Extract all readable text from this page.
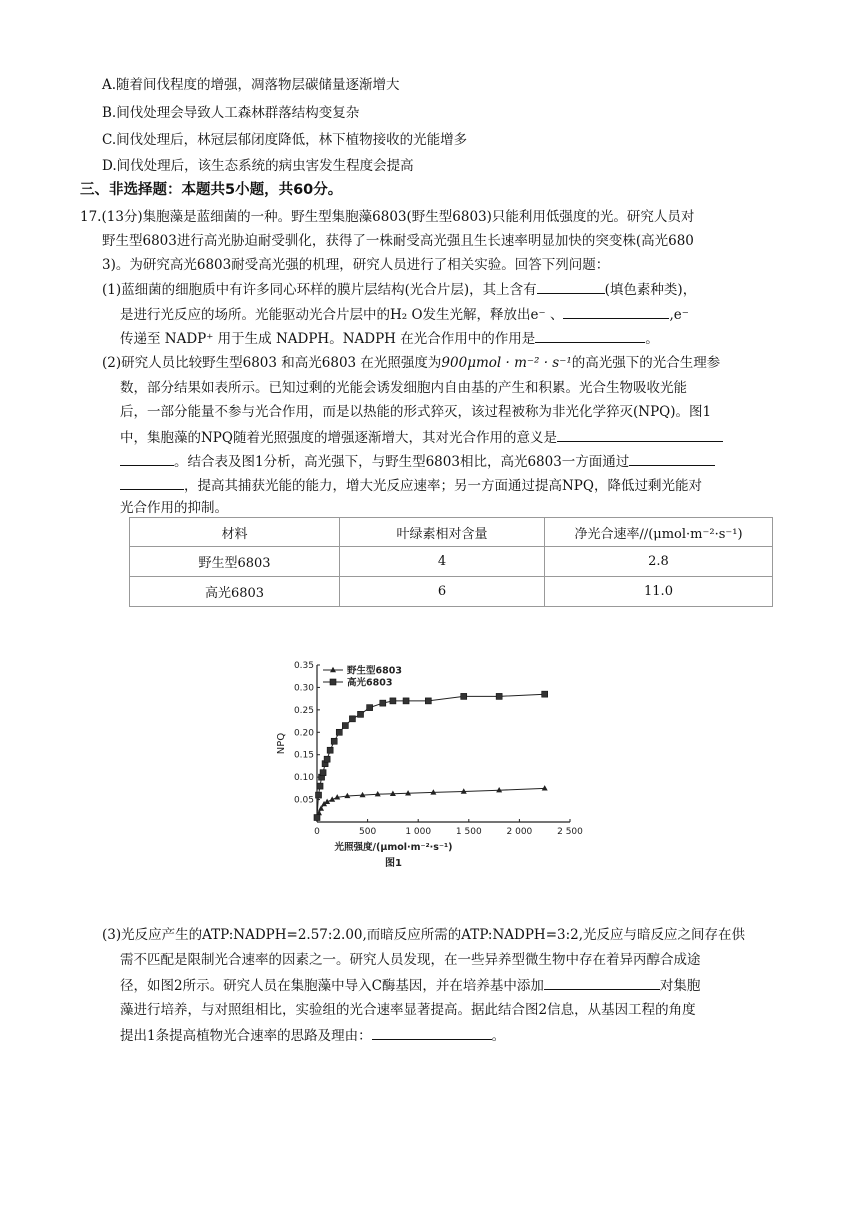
A.随着间伐程度的增强，凋落物层碳储量逐渐增大
B.间伐处理会导致人工森林群落结构变复杂
C.间伐处理后，林冠层郁闭度降低，林下植物接收的光能增多
D.间伐处理后，该生态系统的病虫害发生程度会提高
三、非选择题：本题共5小题，共60分。
17.(13分)集胞藻是蓝细菌的一种。野生型集胞藻6803(野生型6803)只能利用低强度的光。研究人员对
野生型6803进行高光胁迫耐受驯化，获得了一株耐受高光强且生长速率明显加快的突变株(高光680
3)。为研究高光6803耐受高光强的机理，研究人员进行了相关实验。回答下列问题：
(1)蓝细菌的细胞质中有许多同心环样的膜片层结构(光合片层)，其上含有	(填色素种类)，
是进行光反应的场所。光能驱动光合片层中的H₂ O发生光解，释放出e⁻ 、	,e⁻
传递至 NADP⁺ 用于生成 NADPH。NADPH 在光合作用中的作用是	。
(2)研究人员比较野生型6803 和高光6803 在光照强度为900μmol · m⁻² · s⁻¹的高光强下的光合生理参
数，部分结果如表所示。已知过剩的光能会诱发细胞内自由基的产生和积累。光合生物吸收光能
后，一部分能量不参与光合作用，而是以热能的形式猝灭，该过程被称为非光化学猝灭(NPQ)。图1
中，集胞藻的NPQ随着光照强度的增强逐渐增大，其对光合作用的意义是
。结合表及图1分析，高光强下，与野生型6803相比，高光6803一方面通过
，提高其捕获光能的能力，增大光反应速率；另一方面通过提高NPQ，降低过剩光能对
光合作用的抑制。
材料	叶绿素相对含量	净光合速率//(μmol·m⁻²·s⁻¹)
野生型6803	4	2.8
高光6803	6	11.0
0	500	1 000	1 500	2 000	2 500
0.05
0.10
0.15
0.20
0.25
0.30
0.35
NPQ
光照强度/(μmol·m⁻²·s⁻¹)
图1
野生型6803
高光6803
(3)光反应产生的ATP:NADPH=2.57:2.00,而暗反应所需的ATP:NADPH=3:2,光反应与暗反应之间存在供
需不匹配是限制光合速率的因素之一。研究人员发现，在一些异养型微生物中存在着异丙醇合成途
径，如图2所示。研究人员在集胞藻中导入C酶基因，并在培养基中添加	对集胞
藻进行培养，与对照组相比，实验组的光合速率显著提高。据此结合图2信息，从基因工程的角度
提出1条提高植物光合速率的思路及理由：	。
